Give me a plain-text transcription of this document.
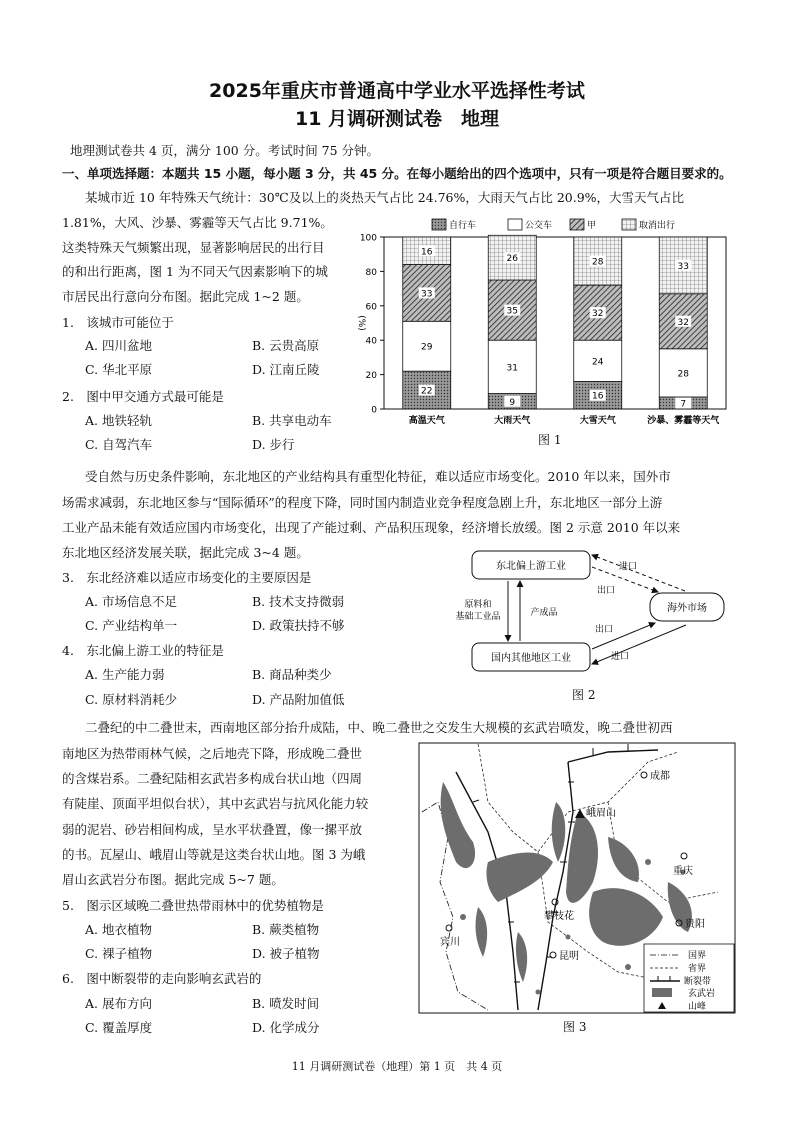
2025年重庆市普通高中学业水平选择性考试
11 月调研测试卷　地理
地理测试卷共 4 页，满分 100 分。考试时间 75 分钟。
一、单项选择题：本题共 15 小题，每小题 3 分，共 45 分。在每小题给出的四个选项中，只有一项是符合题目要求的。
某城市近 10 年特殊天气统计：30℃及以上的炎热天气占比 24.76%，大雨天气占比 20.9%，大雪天气占比
1.81%，大风、沙暴、雾霾等天气占比 9.71%。
这类特殊天气频繁出现，显著影响居民的出行目
的和出行距离，图 1 为不同天气因素影响下的城
市居民出行意向分布图。据此完成 1~2 题。
1.　该城市可能位于
A. 四川盆地	B. 云贵高原
C. 华北平原	D. 江南丘陵
2.　图中甲交通方式最可能是
A. 地铁轻轨	B. 共享电动车
C. 自驾汽车	D. 步行
自行车	公交车	甲	取消出行
0
20
40
60
80
100
(%)
高温天气	大雨天气	大雪天气	沙暴、雾霾等天气
22
29
33
16
9
31
35
26
16
24
32
28
7
28
32
33
图 1
受自然与历史条件影响，东北地区的产业结构具有重型化特征，难以适应市场变化。2010 年以来，国外市
场需求减弱，东北地区参与“国际循环”的程度下降，同时国内制造业竞争程度急剧上升，东北地区一部分上游
工业产品未能有效适应国内市场变化，出现了产能过剩、产品积压现象，经济增长放缓。图 2 示意 2010 年以来
东北地区经济发展关联，据此完成 3~4 题。
3.　东北经济难以适应市场变化的主要原因是
A. 市场信息不足	B. 技术支持微弱
C. 产业结构单一	D. 政策扶持不够
4.　东北偏上游工业的特征是
A. 生产能力弱	B. 商品种类少
C. 原材料消耗少	D. 产品附加值低
东北偏上游工业
国内其他地区工业
海外市场
原料和
基础工业品	产成品
进口
出口
出口
进口
图 2
二叠纪的中二叠世末，西南地区部分抬升成陆，中、晚二叠世之交发生大规模的玄武岩喷发，晚二叠世初西
南地区为热带雨林气候，之后地壳下降，形成晚二叠世
的含煤岩系。二叠纪陆相玄武岩多构成台状山地（四周
有陡崖、顶面平坦似台状），其中玄武岩与抗风化能力较
弱的泥岩、砂岩相间构成，呈水平状叠置，像一摞平放
的书。瓦屋山、峨眉山等就是这类台状山地。图 3 为峨
眉山玄武岩分布图。据此完成 5~7 题。
5.　图示区域晚二叠世热带雨林中的优势植物是
A. 地衣植物	B. 蕨类植物
C. 裸子植物	D. 被子植物
6.　图中断裂带的走向影响玄武岩的
A. 展布方向	B. 喷发时间
C. 覆盖厚度	D. 化学成分
成都
峨眉山
重庆
攀枝花
贵阳
宾川
昆明	国界
省界
断裂带
玄武岩
山峰
图 3
11 月调研测试卷（地理）第 1 页　共 4 页
